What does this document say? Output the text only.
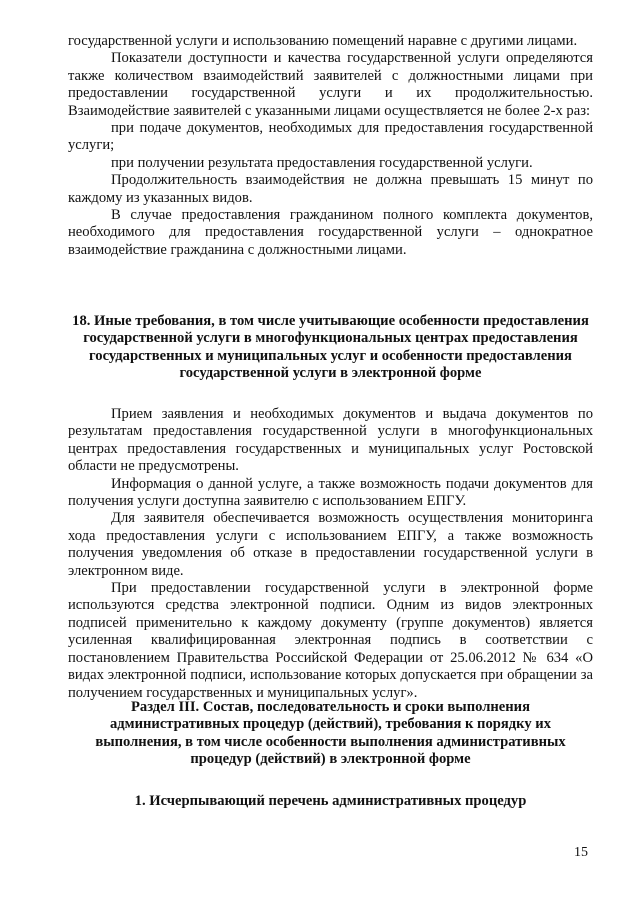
государственной услуги и использованию помещений наравне с другими лицами.

Показатели доступности и качества государственной услуги определяются также количеством взаимодействий заявителей с должностными лицами при предоставлении государственной услуги и их продолжительностью. Взаимодействие заявителей с указанными лицами осуществляется не более 2-х раз:

при подаче документов, необходимых для предоставления государственной услуги;

при получении результата предоставления государственной услуги.

Продолжительность взаимодействия не должна превышать 15 минут по каждому из указанных видов.

В случае предоставления гражданином полного комплекта документов, необходимого для предоставления государственной услуги – однократное взаимодействие гражданина с должностными лицами.

18. Иные требования, в том числе учитывающие особенности предоставления государственной услуги в многофункциональных центрах предоставления государственных и муниципальных услуг и особенности предоставления государственной услуги в электронной форме

Прием заявления и необходимых документов и выдача документов по результатам предоставления государственной услуги в многофункциональных центрах предоставления государственных и муниципальных услуг Ростовской области не предусмотрены.

Информация о данной услуге, а также возможность подачи документов для получения услуги доступна заявителю с использованием ЕПГУ.

Для заявителя обеспечивается возможность осуществления мониторинга хода предоставления услуги с использованием ЕПГУ, а также возможность получения уведомления об отказе в предоставлении государственной услуги в электронном виде.

При предоставлении государственной услуги в электронной форме используются средства электронной подписи. Одним из видов электронных подписей применительно к каждому документу (группе документов) является усиленная квалифицированная электронная подпись в соответствии с постановлением Правительства Российской Федерации от 25.06.2012 № 634 «О видах электронной подписи, использование которых допускается при обращении за получением государственных и муниципальных услуг».

Раздел III. Состав, последовательность и сроки выполнения административных процедур (действий), требования к порядку их выполнения, в том числе особенности выполнения административных процедур (действий) в электронной форме
1. Исчерпывающий перечень административных процедур
15
